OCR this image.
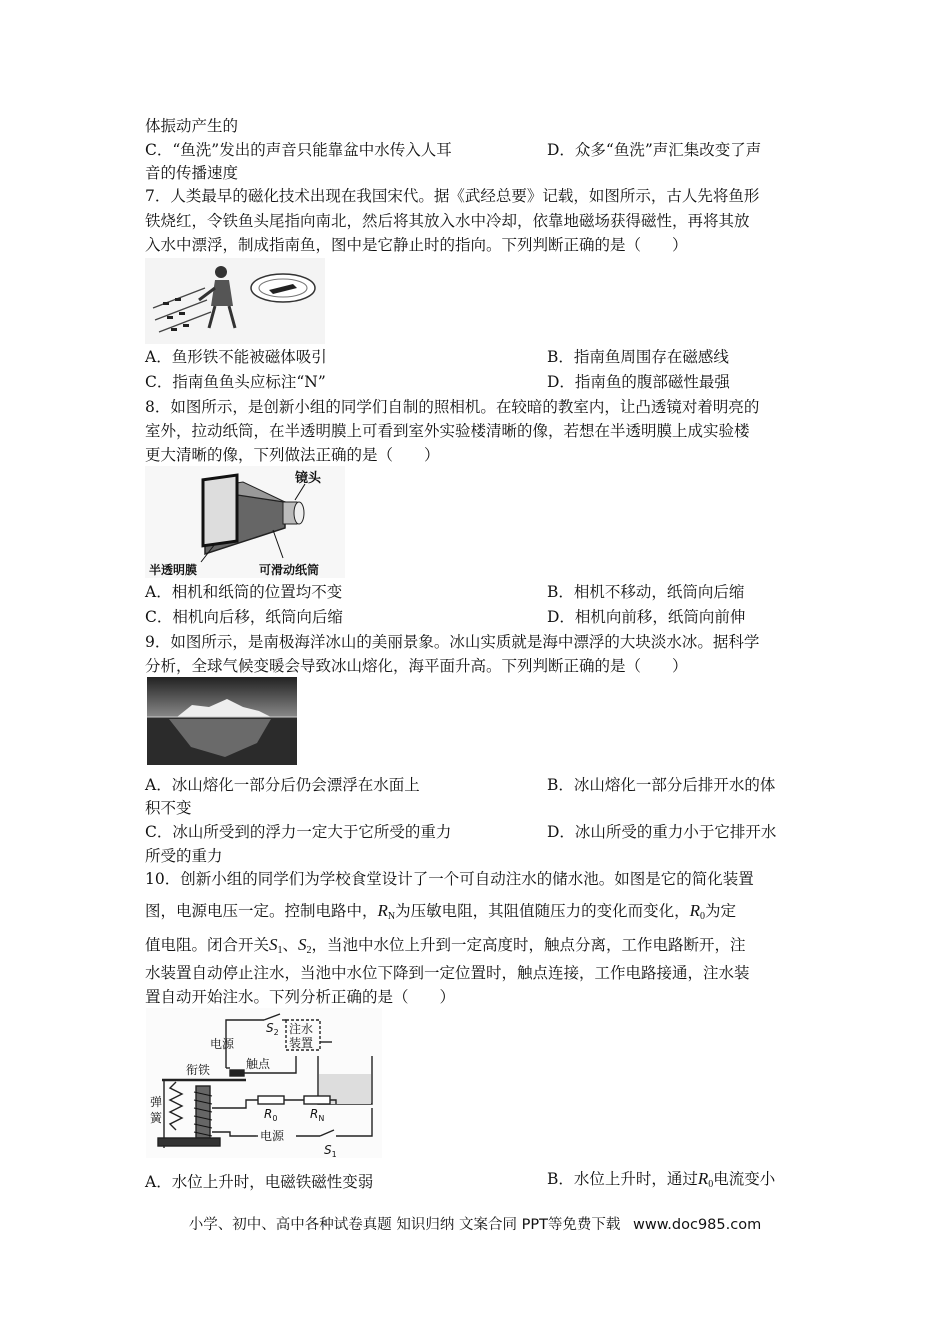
体振动产生的
C．“鱼洗”发出的声音只能靠盆中水传入人耳	D．众多“鱼洗”声汇集改变了声
音的传播速度
7．人类最早的磁化技术出现在我国宋代。据《武经总要》记载，如图所示，古人先将鱼形
铁烧红，令铁鱼头尾指向南北，然后将其放入水中冷却，依靠地磁场获得磁性，再将其放
入水中漂浮，制成指南鱼，图中是它静止时的指向。下列判断正确的是（　　）
A．鱼形铁不能被磁体吸引	B．指南鱼周围存在磁感线
C．指南鱼鱼头应标注“N”	D．指南鱼的腹部磁性最强
8．如图所示，是创新小组的同学们自制的照相机。在较暗的教室内，让凸透镜对着明亮的
室外，拉动纸筒，在半透明膜上可看到室外实验楼清晰的像，若想在半透明膜上成实验楼
更大清晰的像，下列做法正确的是（　　）
镜头
半透明膜	可滑动纸筒
A．相机和纸筒的位置均不变	B．相机不移动，纸筒向后缩
C．相机向后移，纸筒向后缩	D．相机向前移，纸筒向前伸
9．如图所示，是南极海洋冰山的美丽景象。冰山实质就是海中漂浮的大块淡水冰。据科学
分析，全球气候变暖会导致冰山熔化，海平面升高。下列判断正确的是（　　）
A．冰山熔化一部分后仍会漂浮在水面上	B．冰山熔化一部分后排开水的体
积不变
C．冰山所受到的浮力一定大于它所受的重力	D．冰山所受的重力小于它排开水
所受的重力
10．创新小组的同学们为学校食堂设计了一个可自动注水的储水池。如图是它的简化装置
图，电源电压一定。控制电路中，$R_N$为压敏电阻，其阻值随压力的变化而变化，$R_0$为定
值电阻。闭合开关$S_1$、$S_2$，当池中水位上升到一定高度时，触点分离，工作电路断开，注
水装置自动停止注水，当池中水位下降到一定位置时，触点连接，工作电路接通，注水装
置自动开始注水。下列分析正确的是（　　）
$S_2$ 注水
装置
电源
触点
衔铁
弹
簧	$R_0$	$R_N$
电源
$S_1$
A．水位上升时，电磁铁磁性变弱	B．水位上升时，通过$R_0$电流变小
小学、初中、高中各种试卷真题 知识归纳 文案合同 PPT等免费下载 www.doc985.com
